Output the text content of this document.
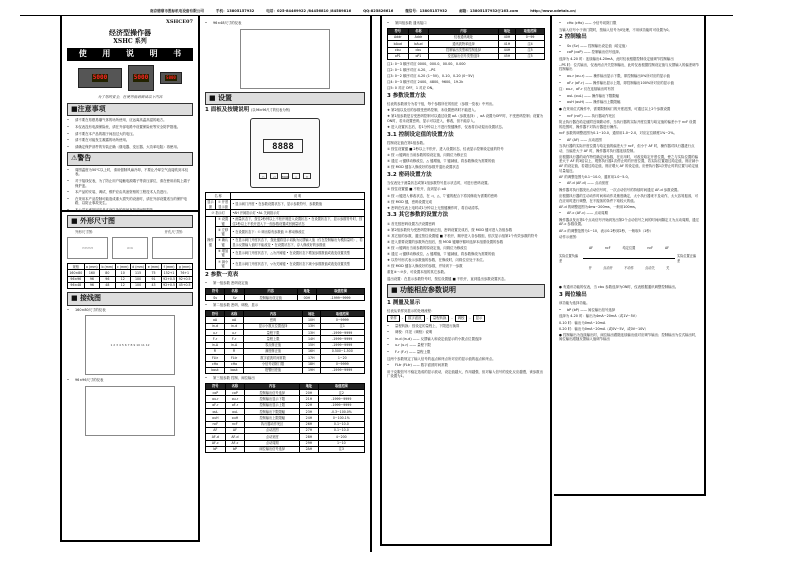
南京德鼎市胜标机电设备有限公司	手机：13805157932	电话：025-84469922 /84456810 /84589816	QQ:825826616	微信号：13805157932	邮箱：13805157932@163.com	http://www.xdetais.cn/
XSHCE07
经济型操作器
XSHC 系列
使 用 说 明 书
5000	5000	5000
为了您的安全，在使用前请阅读以下内容
■注意事项
• 请不要在易燃易爆气体的场所使用，应远离高温高湿的地方。
• 本仪表没有电源保险丝，请在外部电路中设置保险丝等安全防护措施。
• 请不要在本产品的端子间加过大的电压。
• 请不要在可能发生凝露的场所使用。
• 请确定保护部件的安装正确（继电器、变压器、大功率电阻）再使用。
⚠警告
• 周围温度为50℃以上时，请用强制风扇冷却，不要让冷却空气直接吹到本仪表。
• 对于接线仪表，为了防止用户接触电源端子等高压部位，请在使用前装上端子保护盖。
• 本产品的安装、调试、维护应由具备资格的工程技术人员进行。
• 在采用本产品控制可能造成重大损失的设备时，请在外部设置适当的保护电路，以防止事故发生。
• 本公司不承担因产品本身以外的任何直接或间接损失。
•
■ 外形尺寸图
外形尺寸图：	开孔尺寸图：
▭▭▭▭	⊏⊐
规格	a (mm)	b (mm)	c (mm)	d (mm)	e (mm)	f (mm)	g (mm)
160×80	160	80	10	115	75	152+1	76+1
96×96	96	96	12	100	91	92+0.5	92+0.5
96×48	96	48	12	100	43	92+0.5	45+0.5
■ 接线图
• 160×80尺寸的仪表
1 2 3 4 5 6 7 8 9 10 11 12
• 96×96尺寸的仪表
• 96×48尺寸的仪表
■ 设置
1 面板及按键说明 (以96×96尺寸的仪表为例)
8888
○	◁	MOD	△	▽
名 称		说 明
显示窗	① 开度显示窗	• 显示阀门开度 • 在参数设置状态下，显示参数符号、参数数值
② 指示灯		•AH 开阀指示灯 •AL 关阀指示灯
操作键	③ 设置键	• 测量状态下，按住2秒钟以上不松开则进入设置状态 • 在设置状态下，显示参数符号时，按住2秒以上不松开进入下一组参数设置或回测量状态
	④ 左移键	• 在设置状态下：① 调出原有参数值 ② 移动修改位
	⑤ 确认键	• 在显示阀门开度状态下，按此键将显示切换为反馈输入值（仅在控制输出为模拟量时），若显示反馈输入值时不能改变 • 在设置状态下，存入修改好的参数值
	⑥ 增加键	• 在显示阀门开度状态下，△为开阀键 • 在设置状态下增加参数数值或改变设置类型
	⑦ 减小键	• 在显示阀门开度状态下，▽为关阀键 • 在设置状态下减小参数数值或改变设置类型
2 参数一览表
• 第一组参数 密码设定值
符号	名称	内容	地址	取值范围
Sv	Sv	控制输出设定值	00H	-1999~9999
• 第二组参数 密码、调校、显示
符号	名称	内容	地址	取值范围
oA	oA	密码	10H	0~9999
in-d	in-d	显示小数点位置选择	13H	注1
u-r	u-r	量程下限	13H	-1999~9999
F-r	F-r	量程上限	14H	-1999~9999
in-A	in-A	零点修正值	15H	-1999~9999
Fi	Fi	满度修正值	16H	0.500~1.500
FLtr	FLtr	数字滤波时间常数	17H	1~20
cHo	cHo	小信号切除门限	18H	0~9999
bout	bout	报警回差值	19H	-1999~9999
• 第三组参数 控制、阀位输出
符号	名称	内容	地址	取值范围
coP	coP	控制输出信号选择	20H	注2
ou-r	ou-r	控制输出显示下限	21H	-1999~9999
oF-r	oF-r	控制输出显示上限	22H	-1999~9999
ouL	ouL	控制输出下限限幅	23H	-0.3~100.0%
ouH	ouH	控制输出上限限幅	24H	0~100.1%
ncF	ncF	执行器动作死区	26H	0.1~10.0
AF	AF	点动范围	27H	0.1~10.0
AF-d	AF-d	点动宽度	28H	4~200
AF-c	AF-c	点动周期	29H	1~10
bP	bP	阀位输出信号选择	2AH	注3
• 第四组参数 通讯接口
符号	名称	内容	地址	取值范围
Addr	Addr	仪表通讯地址	40H	0~99
bAud	bAud	通讯波特率选择	41H	注4
cbu	cbu	控制输出类型和控制选择	44H	注5
oP1	oP1	变送输出信号类型选择	45H	注5
注1: 0~3 顺序对应 0000、000.0、00.00、0.000
注2: 0~1 顺序对应 4-20、--PS
注3: 0~2 顺序对应 4-20 (1~5V)、0-10、0-20 (0~5V)
注4: 0~3 顺序对应 2400、4800、9600、19.2k
注5: 0 对应 OFF，1 对应 ON。
3 参数设置方法
仪表的参数被分为若干组，每个参数所在的组在《参数一览表》中列出。
★ 第2组以及后的参数受密码控制，未设置密码时不能进入。
★ 第1组参数是否受密码控制可以通过设置 oA（参数选择），oA 设置为OFF时，不受密码控制；设置为ON时，若未设置密码，显示可以进入，修改，但不能存入。
★ 进入设置状态后，若1分钟以上不进行按键操作，仪表将自动退出设置状态。
3.1 控制设定值的设置方法
控制设定值在第1组参数。
① 按住设置键 ■ 2秒以上不松开，进入设置状态，仪表显示控制设定值的符号
② 按 ◁ 键调出当前参数的原设定值，闪烁位为修正位
③ 通过 ◁ 键移动修改位，△ 键增值，▽ 键减值，将参数修改为需要的值
④ 按 MOD 键存入修改好的参数并退出设置状态
3.2 密码设置方法
当仪表处于测量状态或第1组参数符号显示状态时，可进行密码设置。
① 按住设置键 ■ 不松开，直到显示 oA
② 按 ◁ 键进入修改状态，在 ◁、△、▽ 键的配合下将其修改为需要的密码
③ 按 MOD 键，密码设置完成
★ 密码在仪表上电时或1分钟以上无按键操作时，将自动清零。
3.3 其它参数的设置方法
① 首先按密码设置方法设置密码
② 第2组参数仍为受密码控制而正组，密码设置完成后，按 MOD 键可进入各组参数
③ 其它组的参数，通过按住设置键 ■ 不松开，顺序进入各参数组，依次显示组第1个有效参数的符号
④ 进入需要设置的参数所在组后，按 MOD 键顺序循环选择本组需设置的参数
⑤ 按 ◁ 键调出当前参数的原设定值，闪烁位为修改位
⑥ 通过 ◁ 键移动修改位，△ 键增值，▽ 键减值，将参数修改为需要的值
★ 以符号形式表示参数值的参数，在修改时，闪烁位应处于末位。
⑦ 按 MOD 键存入修改好的参数，并转到下一参数
重复④～⑦步，可设置本组的其它参数。
退出设置：在显示参数符号时，按住设置键 ■ 不松开，直到退出参数设置状态。
■ 功能相应参数说明
1 测量及显示
仪表从采样到显示的处理流程：
采样	-	数字滤波	-	量程转换	-	调校	-	显示
• 量程转换：按设定的量程上、下限进行换算
• 调校：详见《调校》说明
• in-d (in-d) —— 反馈输入和设定值显示的小数点位置选择
• u-r (u-r) —— 量程下限
• F-r (F-r) —— 量程上限
这两个参数规定了输入信号的起点和终点所对应的显示值的起点和终点。
• FLtr (FLtr) —— 数字滤波时间常数
用于克服信号不稳定造成的显示波动，设定值越大，作用越强，但对输入信号的变化反应越慢，该参数出厂设置为1。
• cHo (cHo) —— 小信号切除门限
当输入信号小于该门限时，按输入信号为0处理，不用该功能时可设置为0。
2 控制输出
• Sv (Sv) —— 控制输出设定值（给定值）
• coP (coP) —— 控制输出信号选择。
选择为 4-20 时：连续输出4-20mA，此时仪表根据控制设定值调节控制输出
--PS 时：位式输出，仪表两点开关控制输出，此时仪表根据控制设定值与反馈输入的偏差调节控制输出
• ou-r (ou-r) —— 操作输出显示下限，即控制输出0%所对应的显示值
• oF-r (oF-r) —— 操作输出显示上限，即控制输出100%所对应的显示值
注：ou-r、oF-r 仅在连续输出时有效
• ouL (ouL) —— 操作输出下限限幅
• ouH (ouH) —— 操作输出上限限幅
● 在采用位式操作中，需要限制阀门的开度范围，可通过以上2个参数设置
• ncF (ncF) —— 执行器动作死区
防止执行器在给定值附近频繁动作，当执行器的实际开度位置与给定值的偏差小于 ncF 设置的范围时，操作器不对执行器进行操作。
ncF 参数的调整范围为0.1~10.0，通常用1.0~2.0，对应定位精度1%~2%。
• AF (AF) —— 点动范围
当执行器的实际开度位置与给定值的偏差大于 ncF，但小于 AF 时，操作器对执行器进行点动，当偏差大于 AF 时，操作器对执行器连续控制。
应根据执行器的动作特性确定该参数，在应用时，可改变给定开度位置，使之与实际位置的偏差大于 AF 的3倍以上，观察执行器1次停止时的开度位置，若实际位置超过给定值，则应减小 AF 的设定值，若超过给定值，则应增大 AF 的设定值，应使执行器1次停止时的位置与给定值尽量接近。
AF 的调整范围为0.1~10.0，通常用1.0~5.0。
• AF-d (AF-d) —— 点动宽度
操作器对执行器发出点动信号时，一次点动信号的持续时间通过 AF-d 参数设置。
应根据执行器的生动动作时间和动作灵敏度确定，太小执行器来不及动作，太大容易振荡，可在应用时进行调整，在不振荡的条件下取较大的值。
AF-d 的调整范围为4ms~200ms，一般用100ms。
• AF-c (AF-c) —— 点动周期
操作器从发出第1个点动信号开始到发出第2个点动信号之间的时间间隔定义为点动周期，通过 AF-c 参数设置。
AF-c 的调整范围为1~10，表示0.2秒到2秒，一般取5（1秒）
动作示意图：
实际位置负偏差
实际位置正偏差
AF	ncF	给定位置	ncF	AF
开	点动开	不动作	点动关	关
● 有通讯功能的仪表，当 cbu 参数选择为ON时，仪表根据通讯调整控制输出。
3 阀位输出
该功能为选择功能。
• bP (bP) —— 阀位输出信号选择
选择为 4-20 时：输出为4mA~20mA（或1V~5V）
0-10 时：输出为0mA~10mA
0-20 时：输出为0mA~20mA（或0V~5V，或0V~10V）
● 控制输出为连续输出时，阀位输出跟随连续输出值对应调节输出；控制输出为位式输出时，阀位输出跟随反馈输入值调节输出
